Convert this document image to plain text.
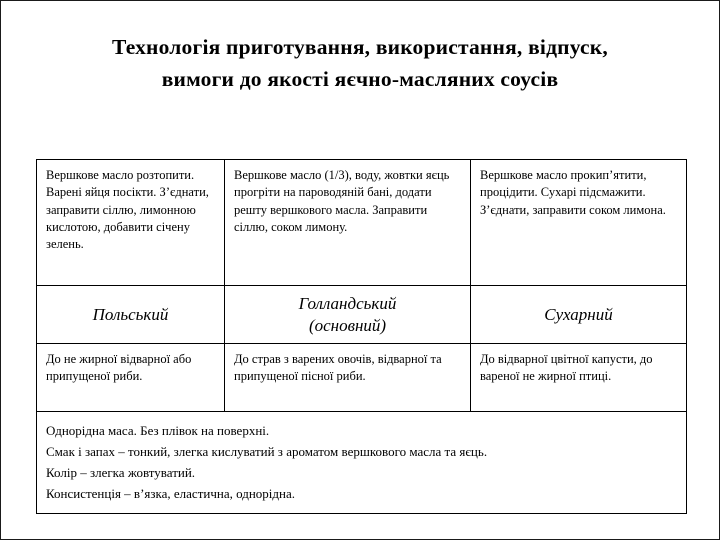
Технологія приготування, використання, відпуск,
вимоги до якості яєчно-масляних соусів
Вершкове масло розтопити. Варені яйця посікти. З’єднати, заправити сіллю, лимонною кислотою, добавити січену зелень.	Вершкове масло (1/3), воду, жовтки яєць прогріти на пароводяній бані, додати решту вершкового масла. Заправити сіллю, соком лимону.	Вершкове масло прокип’ятити, процідити. Сухарі підсмажити. З’єднати, заправити соком лимона.

Польський	Голландський (основний)	Сухарний

До не жирної відварної або припущеної риби.	До страв з варених овочів, відварної та припущеної пісної риби.	До відварної цвітної капусти, до вареної не жирної птиці.

Однорідна маса. Без плівок на поверхні.
Смак і запах – тонкий, злегка кислуватий з ароматом вершкового масла та яєць.
Колір – злегка жовтуватий.
Консистенція – в’язка, еластична, однорідна.		
